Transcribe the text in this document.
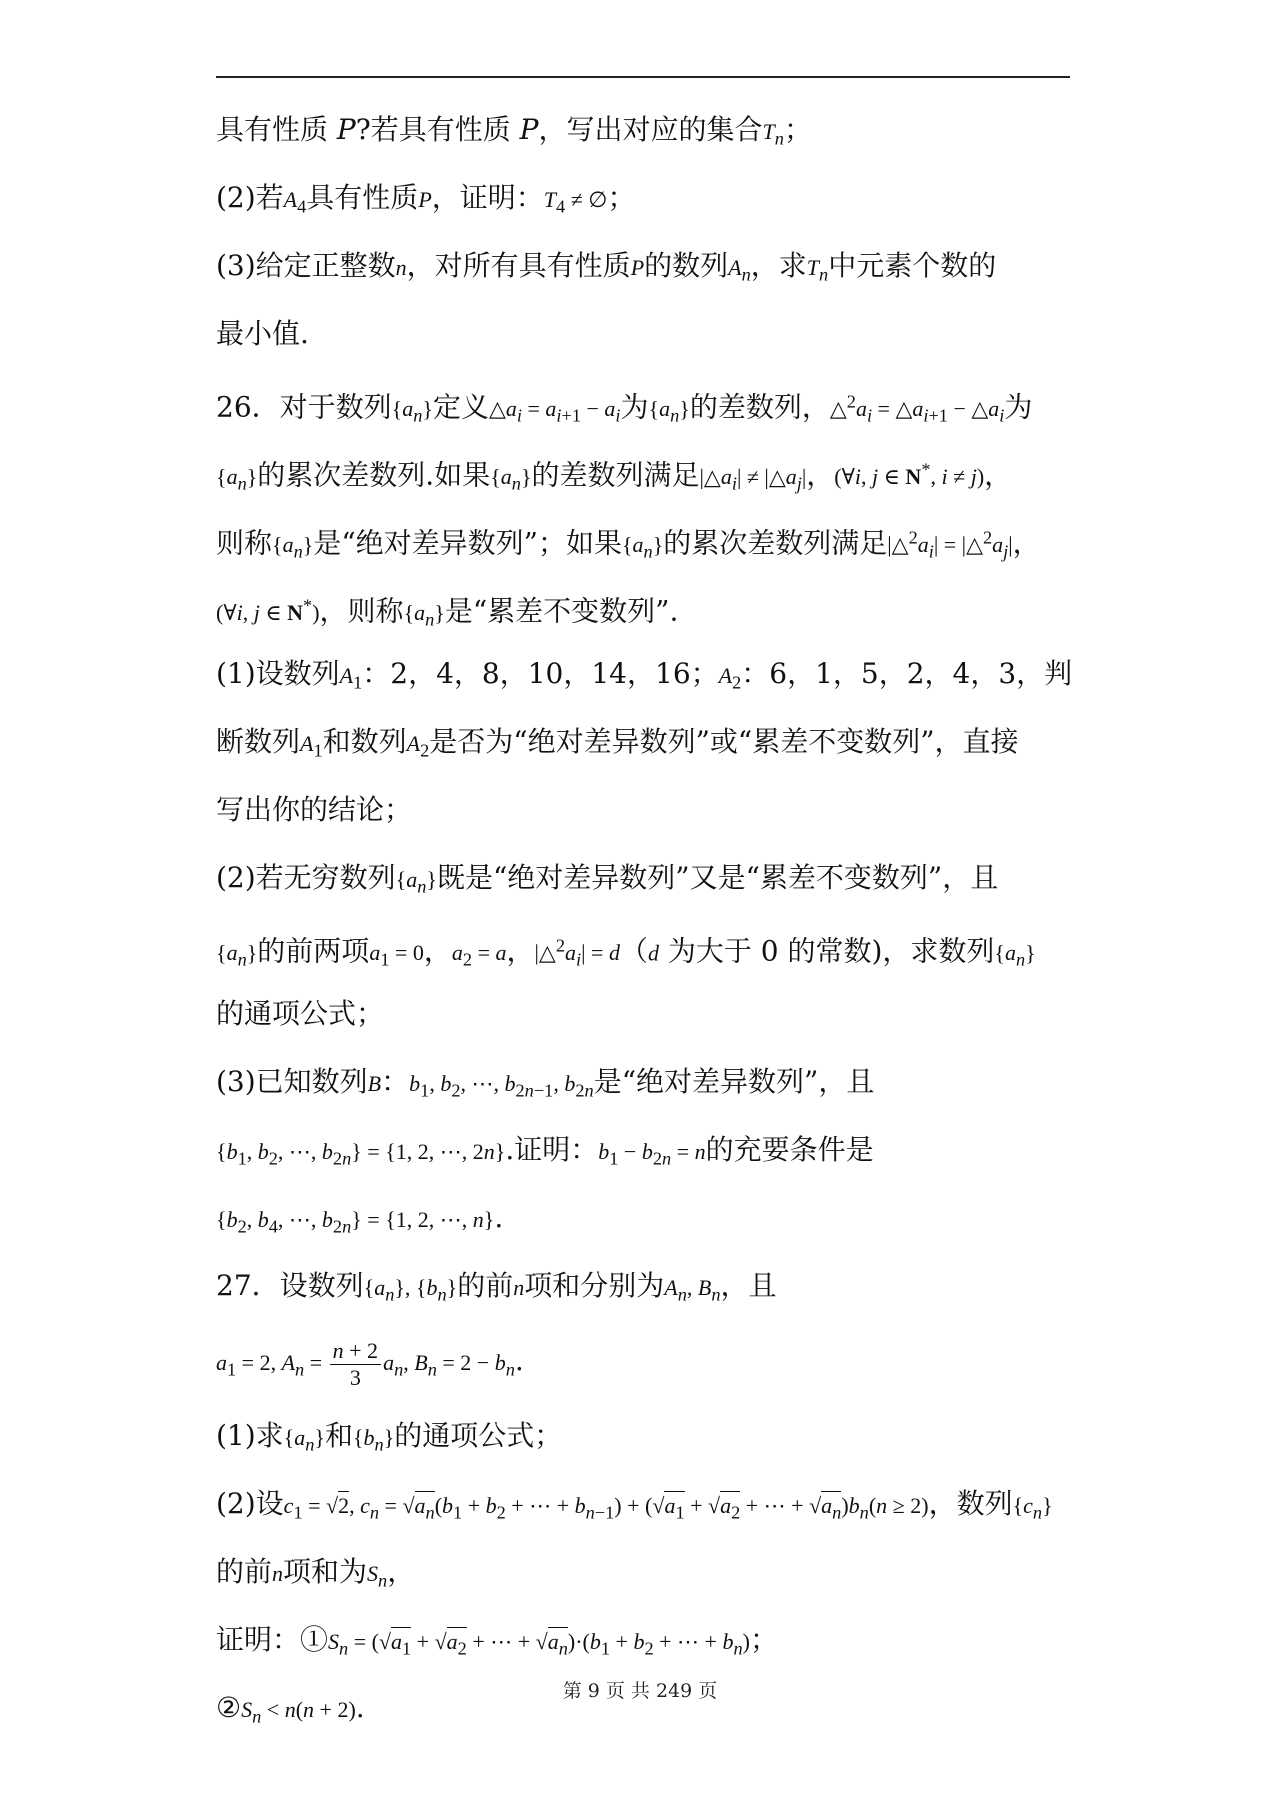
具有性质 P?若具有性质 P，写出对应的集合$T_n$；
(2)若$A_4$具有性质P，证明：$T_4$ ≠ ∅；
(3)给定正整数n，对所有具有性质P的数列$A_n$，求$T_n$中元素个数的
最小值.
26．对于数列$\{a_n\}$定义$\triangle a_i = a_{i+1} - a_i$为$\{a_n\}$的差数列，$\triangle^2a_i$ = $\triangle a_{i+1}$ − $\triangle a_i$为
$\{a_n\}$的累次差数列.如果$\{a_n\}$的差数列满足$|\triangle a_i|$ ≠ $|\triangle a_j|$，(∀i, j ∈ N*, i ≠ j)，
则称$\{a_n\}$是“绝对差异数列”；如果$\{a_n\}$的累次差数列满足$|\triangle^2a_i|$ = $|\triangle^2a_j|$，
(∀i, j ∈ N*)，则称$\{a_n\}$是“累差不变数列”.
(1)设数列$A_1$：2，4，8，10，14，16；$A_2$：6，1，5，2，4，3，判
断数列$A_1$和数列$A_2$是否为“绝对差异数列”或“累差不变数列”，直接
写出你的结论；
(2)若无穷数列$\{a_n\}$既是“绝对差异数列”又是“累差不变数列”，且
$\{a_n\}$的前两项$a_1 = 0$，$a_2 = a$，$|\triangle^2a_i| = d(d$ 为大于 0 的常数)，求数列$\{a_n\}$
的通项公式；
(3)已知数列B：$b_1$, $b_2$, ⋯, $b_{2n-1}$, $b_{2n}$是“绝对差异数列”，且
{$b_1$, $b_2$, ⋯, $b_{2n}\} = \{1$, 2, ⋯, 2n}.证明：$b_1 - b_{2n} = n$的充要条件是
{$b_2$, $b_4$, ⋯, $b_{2n}\} = \{1$, 2, ⋯, n}.
27．设数列$\{a_n\}$, $\{b_n\}$的前n项和分别为$A_n$, $B_n$，且
$a_1 = 2$, $A_n = \frac{n + 2}{3} a_n$, $B_n = 2 - b_n$.
(1)求$\{a_n\}$和$\{b_n\}$的通项公式；
(2)设$c_1 = √2$, $c_n = √a_n(b_1 + b_2$ + ⋯ + $b_{n-1}) + (√a_1 + √a_2$ + ⋯ + $√a_n)b_n(n \ge 2)$，数列$\{c_n\}$
的前n项和为$S_n$，
证明：$①S_n = (√a_1 + √a_2$ + ⋯ + $√a_n)\cdot(b_1 + b_2$ + ⋯ + $b_n$)；
$②S_n < n(n + 2)$.	第 9 页 共 249 页
